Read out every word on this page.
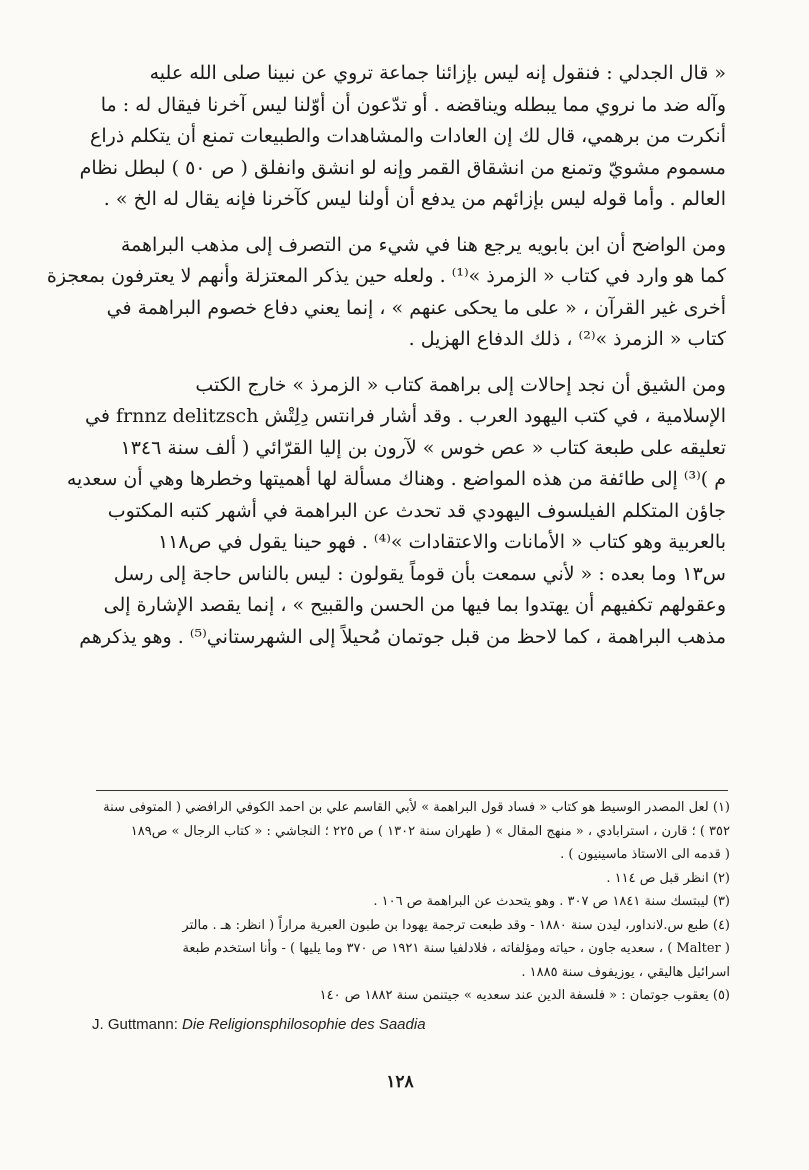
« قال الجدلي : فنقول إنه ليس بإزائنا جماعة تروي عن نبينا صلى الله عليه
وآله ضد ما نروي مما يبطله ويناقضه . أو تدّعون أن أوّلنا ليس آخرنا فيقال له : ما
أنكرت من برهمي، قال لك إن العادات والمشاهدات والطبيعات تمنع أن يتكلم ذراع
مسموم مشويّ وتمنع من انشقاق القمر وإنه لو انشق وانفلق ( ص ٥٠ ) لبطل نظام
العالم . وأما قوله ليس بإزائهم من يدفع أن أولنا ليس كآخرنا فإنه يقال له الخ » .
ومن الواضح أن ابن بابويه يرجع هنا في شيء من التصرف إلى مذهب البراهمة
كما هو وارد في كتاب « الزمرذ »⁽¹⁾ . ولعله حين يذكر المعتزلة وأنهم لا يعترفون بمعجزة
أخرى غير القرآن ، « على ما يحكى عنهم » ، إنما يعني دفاع خصوم البراهمة في
كتاب « الزمرذ »⁽²⁾ ، ذلك الدفاع الهزيل .
ومن الشيق أن نجد إحالات إلى براهمة كتاب « الزمرذ » خارج الكتب
الإسلامية ، في كتب اليهود العرب . وقد أشار فرانتس دِلِتْش frnnz delitzsch في
تعليقه على طبعة كتاب « عص خوس » لآرون بن إليا القرّائي ( ألف سنة ١٣٤٦
م )⁽³⁾ إلى طائفة من هذه المواضع . وهناك مسألة لها أهميتها وخطرها وهي أن سعديه
جاؤن المتكلم الفيلسوف اليهودي قد تحدث عن البراهمة في أشهر كتبه المكتوب
بالعربية وهو كتاب « الأمانات والاعتقادات »⁽⁴⁾ . فهو حينا يقول في ص١١٨
س١٣ وما بعده : « لأني سمعت بأن قوماً يقولون : ليس بالناس حاجة إلى رسل
وعقولهم تكفيهم أن يهتدوا بما فيها من الحسن والقبيح » ، إنما يقصد الإشارة إلى
مذهب البراهمة ، كما لاحظ من قبل جوتمان مُحيلاً إلى الشهرستاني⁽⁵⁾ . وهو يذكرهم
(١) لعل المصدر الوسيط هو كتاب « فساد قول البراهمة » لأبي القاسم علي بن احمد الكوفي الرافضي ( المتوفى سنة
٣٥٢ ) ؛ قارن ، استرابادي ، « منهج المقال » ( طهران سنة ١٣٠٢ ) ص ٢٢٥ ؛ النجاشي : « كتاب الرجال » ص١٨٩
( قدمه الى الاستاذ ماسينيون ) .
(٢) انظر قبل ص ١١٤ .
(٣) ليبتسك سنة ١٨٤١ ص ٣٠٧ . وهو يتحدث عن البراهمة ص ١٠٦ .
(٤) طبع س.لانداور، ليدن سنة ١٨٨٠ - وقد طبعت ترجمة يهودا بن طبون العبرية مراراً ( انظر: هـ . مالتر
( Malter ) ، سعديه جاون ، حياته ومؤلفاته ، فلادلفيا سنة ١٩٢١ ص ٣٧٠ وما يليها ) - وأنا استخدم طبعة
اسرائيل هاليقي ، يوزيفوف سنة ١٨٨٥ .
(٥) يعقوب جوتمان : « فلسفة الدين عند سعديه » جيتنمن سنة ١٨٨٢ ص ١٤٠
J. Guttmann: Die Religionsphilosophie des Saadia
١٢٨
